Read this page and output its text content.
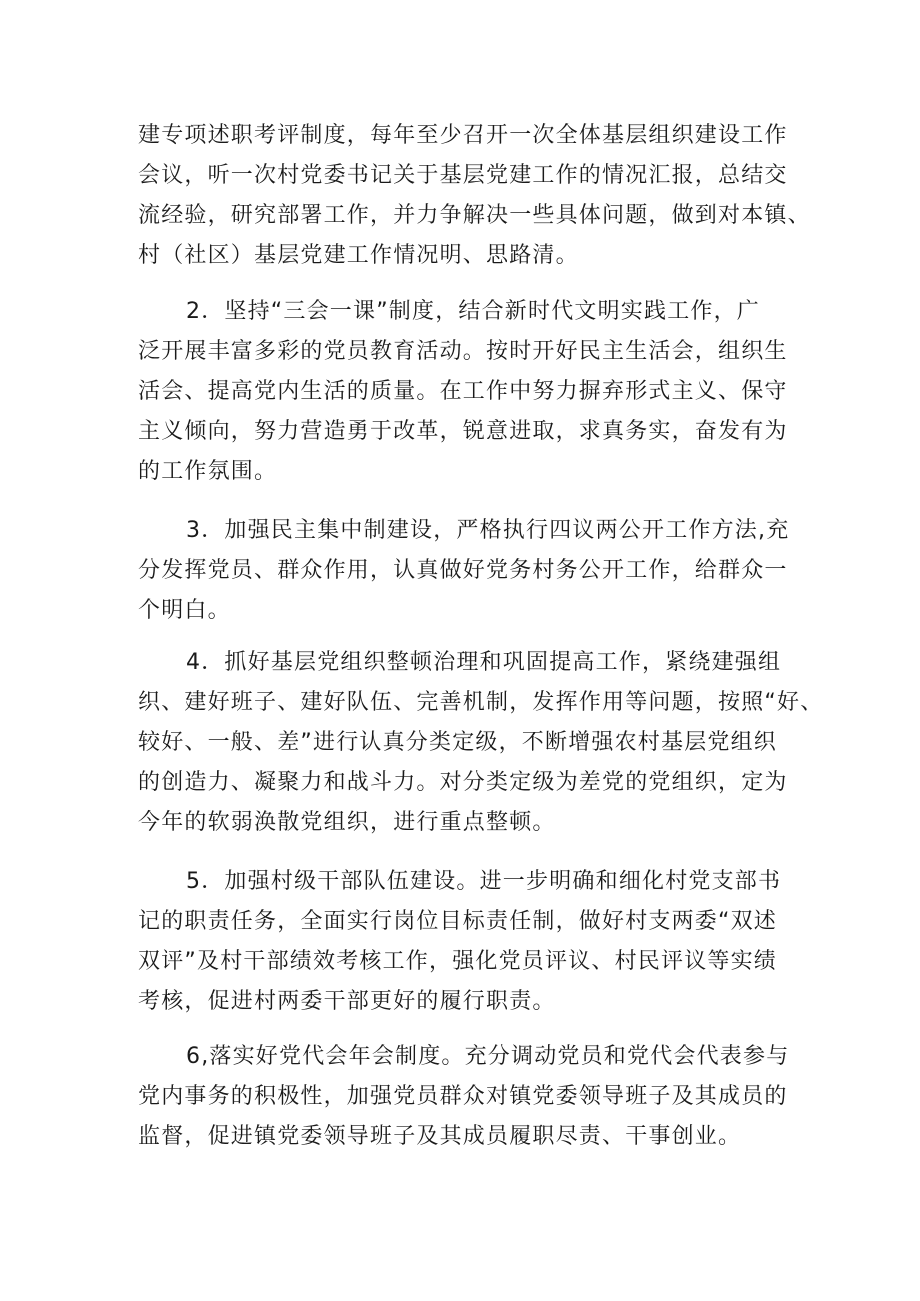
建专项述职考评制度，每年至少召开一次全体基层组织建设工作
会议，听一次村党委书记关于基层党建工作的情况汇报，总结交
流经验，研究部署工作，并力争解决一些具体问题，做到对本镇、
村（社区）基层党建工作情况明、思路清。
2．坚持“三会一课”制度，结合新时代文明实践工作，广
泛开展丰富多彩的党员教育活动。按时开好民主生活会，组织生
活会、提高党内生活的质量。在工作中努力摒弃形式主义、保守
主义倾向，努力营造勇于改革，锐意进取，求真务实，奋发有为
的工作氛围。
3．加强民主集中制建设，严格执行四议两公开工作方法,充
分发挥党员、群众作用，认真做好党务村务公开工作，给群众一
个明白。
4．抓好基层党组织整顿治理和巩固提高工作，紧绕建强组
织、建好班子、建好队伍、完善机制，发挥作用等问题，按照“好、
较好、一般、差”进行认真分类定级，不断增强农村基层党组织
的创造力、凝聚力和战斗力。对分类定级为差党的党组织，定为
今年的软弱涣散党组织，进行重点整顿。
5．加强村级干部队伍建设。进一步明确和细化村党支部书
记的职责任务，全面实行岗位目标责任制，做好村支两委“双述
双评”及村干部绩效考核工作，强化党员评议、村民评议等实绩
考核，促进村两委干部更好的履行职责。
6,落实好党代会年会制度。充分调动党员和党代会代表参与
党内事务的积极性，加强党员群众对镇党委领导班子及其成员的
监督，促进镇党委领导班子及其成员履职尽责、干事创业。
